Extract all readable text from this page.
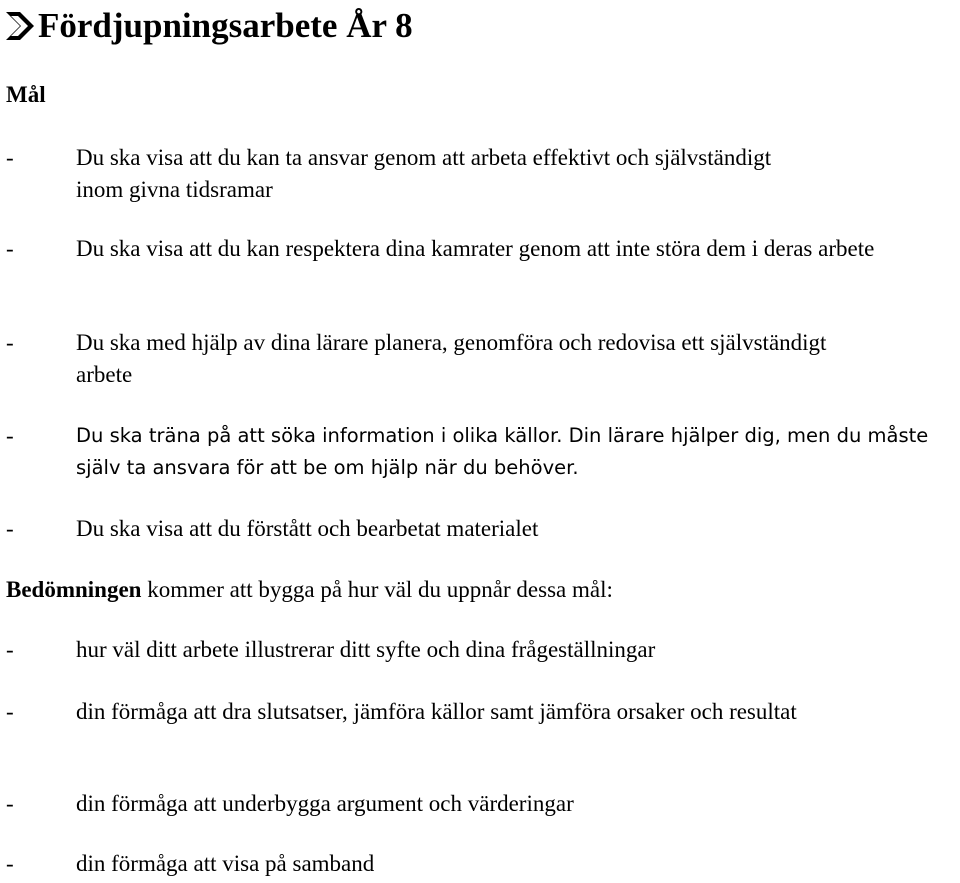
Fördjupningsarbete År 8
Mål
-	Du ska visa att du kan ta ansvar genom att arbeta effektivt och självständigt inom givna tidsramar
-	Du ska visa att du kan respektera dina kamrater genom att inte störa dem i deras arbete
-	Du ska med hjälp av dina lärare planera, genomföra och redovisa ett självständigt arbete
-	Du ska träna på att söka information i olika källor. Din lärare hjälper dig, men du måste själv ta ansvara för att be om hjälp när du behöver.
-	Du ska visa att du förstått och bearbetat materialet
Bedömningen kommer att bygga på hur väl du uppnår dessa mål:
-	hur väl ditt arbete illustrerar ditt syfte och dina frågeställningar
-	din förmåga att dra slutsatser, jämföra källor samt jämföra orsaker och resultat
-	din förmåga att underbygga argument och värderingar
-	din förmåga att visa på samband
